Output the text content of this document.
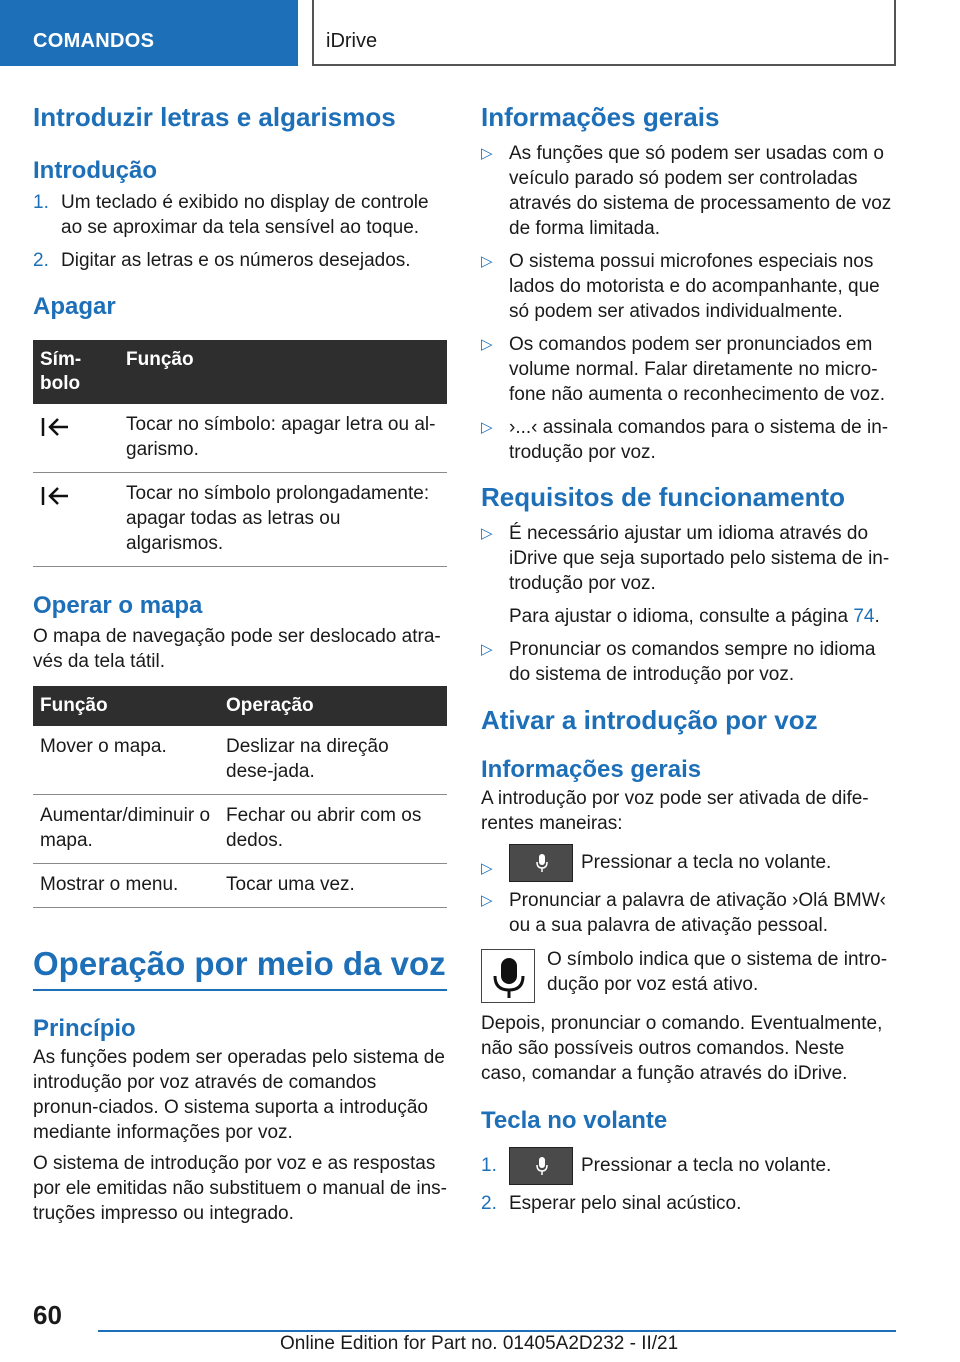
COMANDOS	iDrive
Introduzir letras e algarismos
Introdução
1. Um teclado é exibido no display de controle ao se aproximar da tela sensível ao toque.
2. Digitar as letras e os números desejados.
Apagar
Sím-
bolo	Função
	Tocar no símbolo: apagar letra ou al-garismo.
	Tocar no símbolo prolongadamente: apagar todas as letras ou algarismos.
Operar o mapa

O mapa de navegação pode ser deslocado atra-vés da tela tátil.

Função	Operação
Mover o mapa.	Deslizar na direção dese-jada.
Aumentar/diminuir o mapa.	Fechar ou abrir com os dedos.
Mostrar o menu.	Tocar uma vez.
Operação por meio da voz
Princípio

As funções podem ser operadas pelo sistema de introdução por voz através de comandos pronun-ciados. O sistema suporta a introdução mediante informações por voz.

O sistema de introdução por voz e as respostas por ele emitidas não substituem o manual de ins-truções impresso ou integrado.

Informações gerais
▷ As funções que só podem ser usadas com o veículo parado só podem ser controladas através do sistema de processamento de voz de forma limitada.
▷ O sistema possui microfones especiais nos lados do motorista e do acompanhante, que só podem ser ativados individualmente.
▷ Os comandos podem ser pronunciados em volume normal. Falar diretamente no micro-fone não aumenta o reconhecimento de voz.
▷ ›...‹ assinala comandos para o sistema de in-trodução por voz.
Requisitos de funcionamento
▷ É necessário ajustar um idioma através do iDrive que seja suportado pelo sistema de in-trodução por voz.
Para ajustar o idioma, consulte a página 74.
▷ Pronunciar os comandos sempre no idioma do sistema de introdução por voz.
Ativar a introdução por voz
Informações gerais

A introdução por voz pode ser ativada de dife-rentes maneiras:

▷	Pressionar a tecla no volante.
▷ Pronunciar a palavra de ativação ›Olá BMW‹ ou a sua palavra de ativação pessoal.

O símbolo indica que o sistema de intro-dução por voz está ativo.

Depois, pronunciar o comando. Eventualmente, não são possíveis outros comandos. Neste caso, comandar a função através do iDrive.

Tecla no volante
1.	Pressionar a tecla no volante.
2. Esperar pelo sinal acústico.
60
Online Edition for Part no. 01405A2D232 - II/21
